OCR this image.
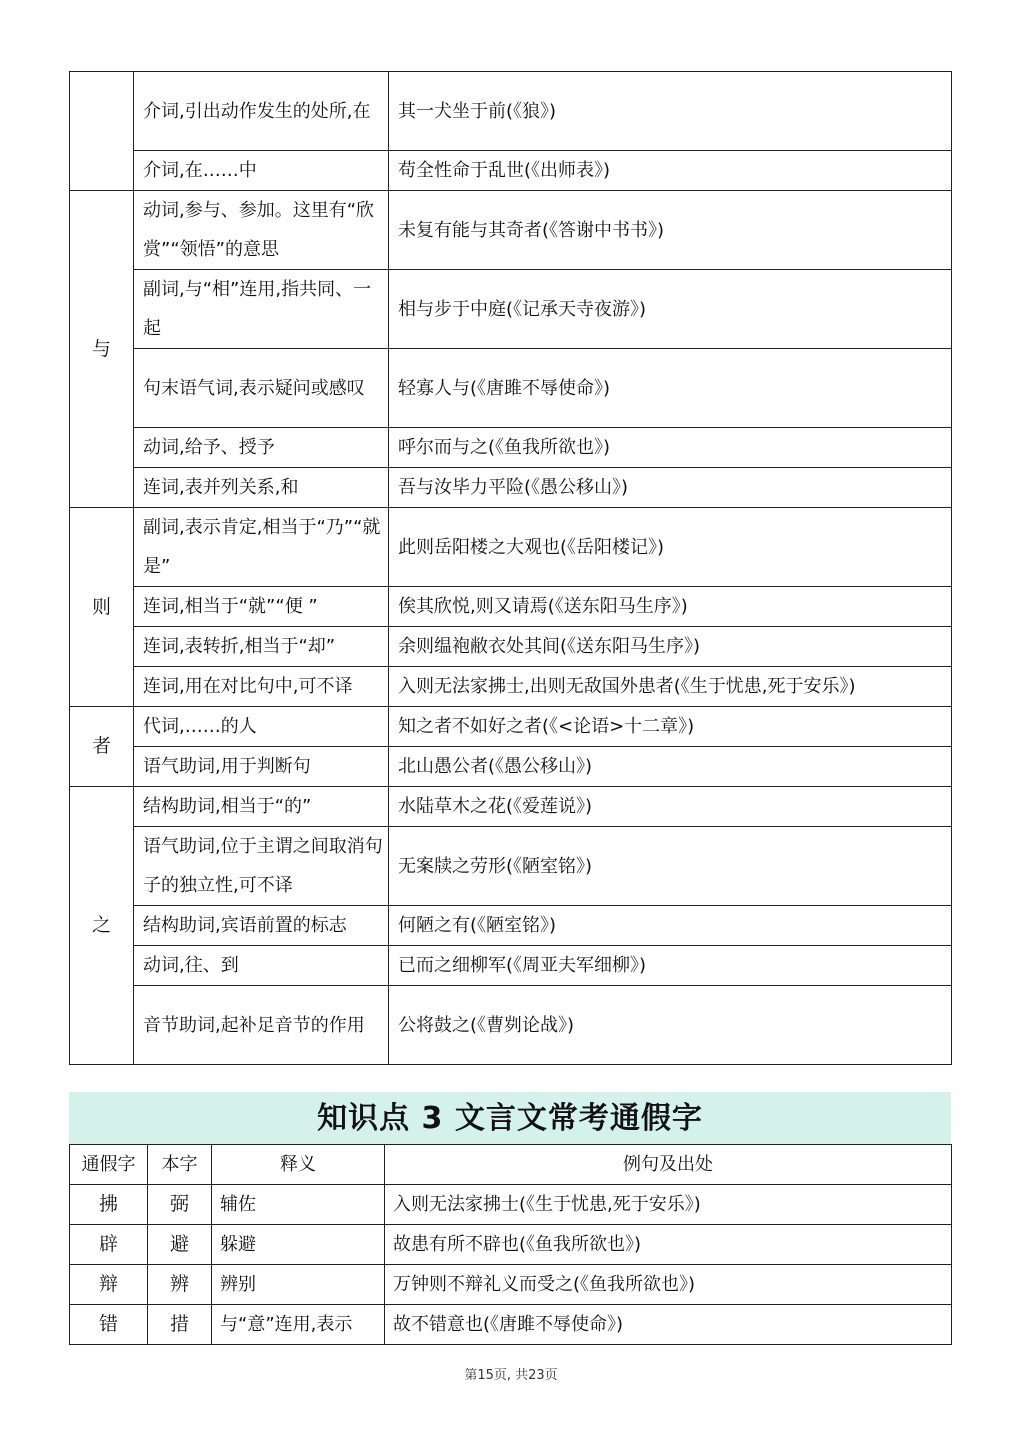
	介词,引出动作发生的处所,在	其一犬坐于前(《狼》)
	介词,在……中	苟全性命于乱世(《出师表》)
与	动词,参与、参加。这里有“欣赏”“领悟”的意思	未复有能与其奇者(《答谢中书书》)
	副词,与“相”连用,指共同、一起	相与步于中庭(《记承天寺夜游》)
	句末语气词,表示疑问或感叹	轻寡人与(《唐雎不辱使命》)
	动词,给予、授予	呼尔而与之(《鱼我所欲也》)
	连词,表并列关系,和	吾与汝毕力平险(《愚公移山》)
则	副词,表示肯定,相当于“乃”“就是”	此则岳阳楼之大观也(《岳阳楼记》)
	连词,相当于“就”“便 ”	俟其欣悦,则又请焉(《送东阳马生序》)
	连词,表转折,相当于“却”	余则缊袍敝衣处其间(《送东阳马生序》)
	连词,用在对比句中,可不译	入则无法家拂士,出则无敌国外患者(《生于忧患,死于安乐》)
者	代词,……的人	知之者不如好之者(《<论语>十二章》)
	语气助词,用于判断句	北山愚公者(《愚公移山》)
之	结构助词,相当于“的”	水陆草木之花(《爱莲说》)
	语气助词,位于主谓之间取消句子的独立性,可不译	无案牍之劳形(《陋室铭》)
	结构助词,宾语前置的标志	何陋之有(《陋室铭》)
	动词,往、到	已而之细柳军(《周亚夫军细柳》)
	音节助词,起补足音节的作用	公将鼓之(《曹刿论战》)
知识点 3 文言文常考通假字
通假字	本字	释义	例句及出处
拂	弼	辅佐	入则无法家拂士(《生于忧患,死于安乐》)
辟	避	躲避	故患有所不辟也(《鱼我所欲也》)
辩	辨	辨别	万钟则不辩礼义而受之(《鱼我所欲也》)
错	措	与“意”连用,表示	故不错意也(《唐雎不辱使命》)
第15页, 共23页
